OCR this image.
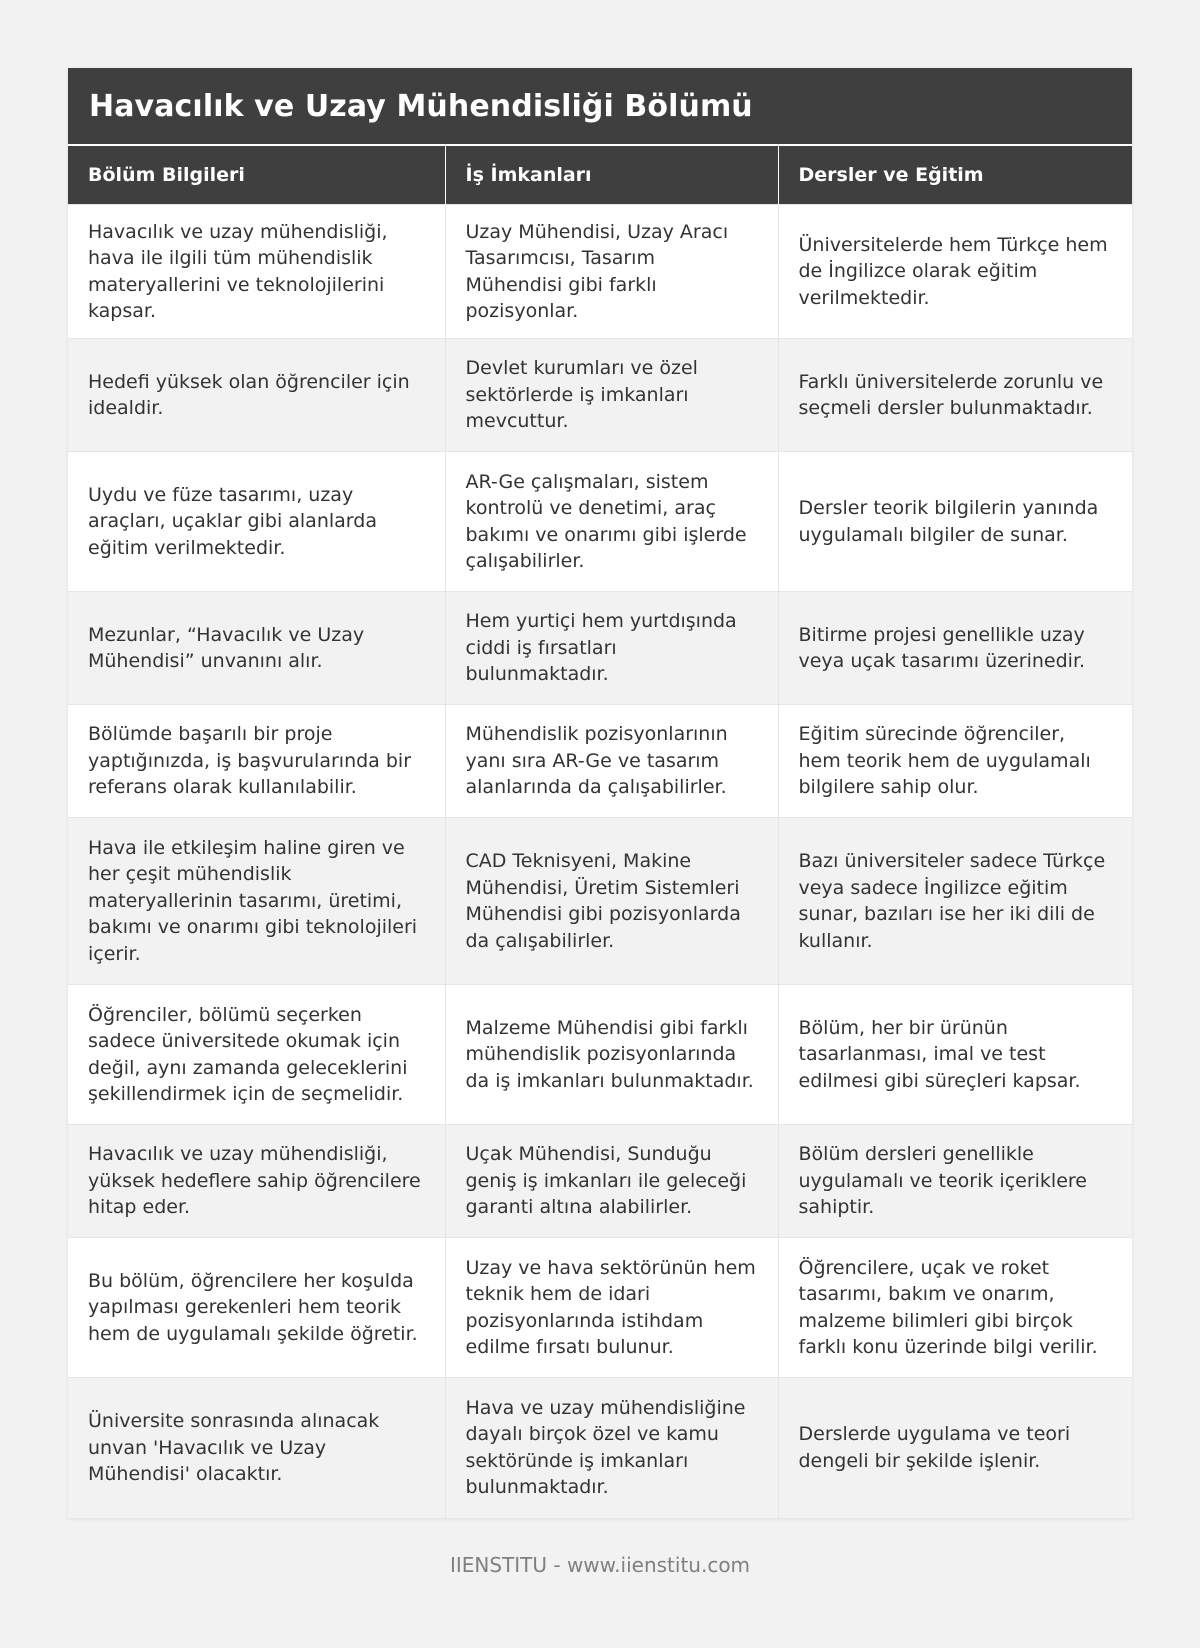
Havacılık ve Uzay Mühendisliği Bölümü
Bölüm Bilgileri	İş İmkanları	Dersler ve Eğitim
Havacılık ve uzay mühendisliği, hava ile ilgili tüm mühendislik materyallerini ve teknolojilerini kapsar.	Uzay Mühendisi, Uzay Aracı Tasarımcısı, Tasarım Mühendisi gibi farklı pozisyonlar.	Üniversitelerde hem Türkçe hem de İngilizce olarak eğitim verilmektedir.
Hedefi yüksek olan öğrenciler için idealdir.	Devlet kurumları ve özel sektörlerde iş imkanları mevcuttur.	Farklı üniversitelerde zorunlu ve seçmeli dersler bulunmaktadır.
Uydu ve füze tasarımı, uzay araçları, uçaklar gibi alanlarda eğitim verilmektedir.	AR-Ge çalışmaları, sistem kontrolü ve denetimi, araç bakımı ve onarımı gibi işlerde çalışabilirler.	Dersler teorik bilgilerin yanında uygulamalı bilgiler de sunar.
Mezunlar, “Havacılık ve Uzay Mühendisi” unvanını alır.	Hem yurtiçi hem yurtdışında ciddi iş fırsatları bulunmaktadır.	Bitirme projesi genellikle uzay veya uçak tasarımı üzerinedir.
Bölümde başarılı bir proje yaptığınızda, iş başvurularında bir referans olarak kullanılabilir.	Mühendislik pozisyonlarının yanı sıra AR-Ge ve tasarım alanlarında da çalışabilirler.	Eğitim sürecinde öğrenciler, hem teorik hem de uygulamalı bilgilere sahip olur.
Hava ile etkileşim haline giren ve her çeşit mühendislik materyallerinin tasarımı, üretimi, bakımı ve onarımı gibi teknolojileri içerir.	CAD Teknisyeni, Makine Mühendisi, Üretim Sistemleri Mühendisi gibi pozisyonlarda da çalışabilirler.	Bazı üniversiteler sadece Türkçe veya sadece İngilizce eğitim sunar, bazıları ise her iki dili de kullanır.
Öğrenciler, bölümü seçerken sadece üniversitede okumak için değil, aynı zamanda geleceklerini şekillendirmek için de seçmelidir.	Malzeme Mühendisi gibi farklı mühendislik pozisyonlarında da iş imkanları bulunmaktadır.	Bölüm, her bir ürünün tasarlanması, imal ve test edilmesi gibi süreçleri kapsar.
Havacılık ve uzay mühendisliği, yüksek hedeflere sahip öğrencilere hitap eder.	Uçak Mühendisi, Sunduğu geniş iş imkanları ile geleceği garanti altına alabilirler.	Bölüm dersleri genellikle uygulamalı ve teorik içeriklere sahiptir.
Bu bölüm, öğrencilere her koşulda yapılması gerekenleri hem teorik hem de uygulamalı şekilde öğretir.	Uzay ve hava sektörünün hem teknik hem de idari pozisyonlarında istihdam edilme fırsatı bulunur.	Öğrencilere, uçak ve roket tasarımı, bakım ve onarım, malzeme bilimleri gibi birçok farklı konu üzerinde bilgi verilir.
Üniversite sonrasında alınacak unvan 'Havacılık ve Uzay Mühendisi' olacaktır.	Hava ve uzay mühendisliğine dayalı birçok özel ve kamu sektöründe iş imkanları bulunmaktadır.	Derslerde uygulama ve teori dengeli bir şekilde işlenir.
IIENSTITU - www.iienstitu.com
